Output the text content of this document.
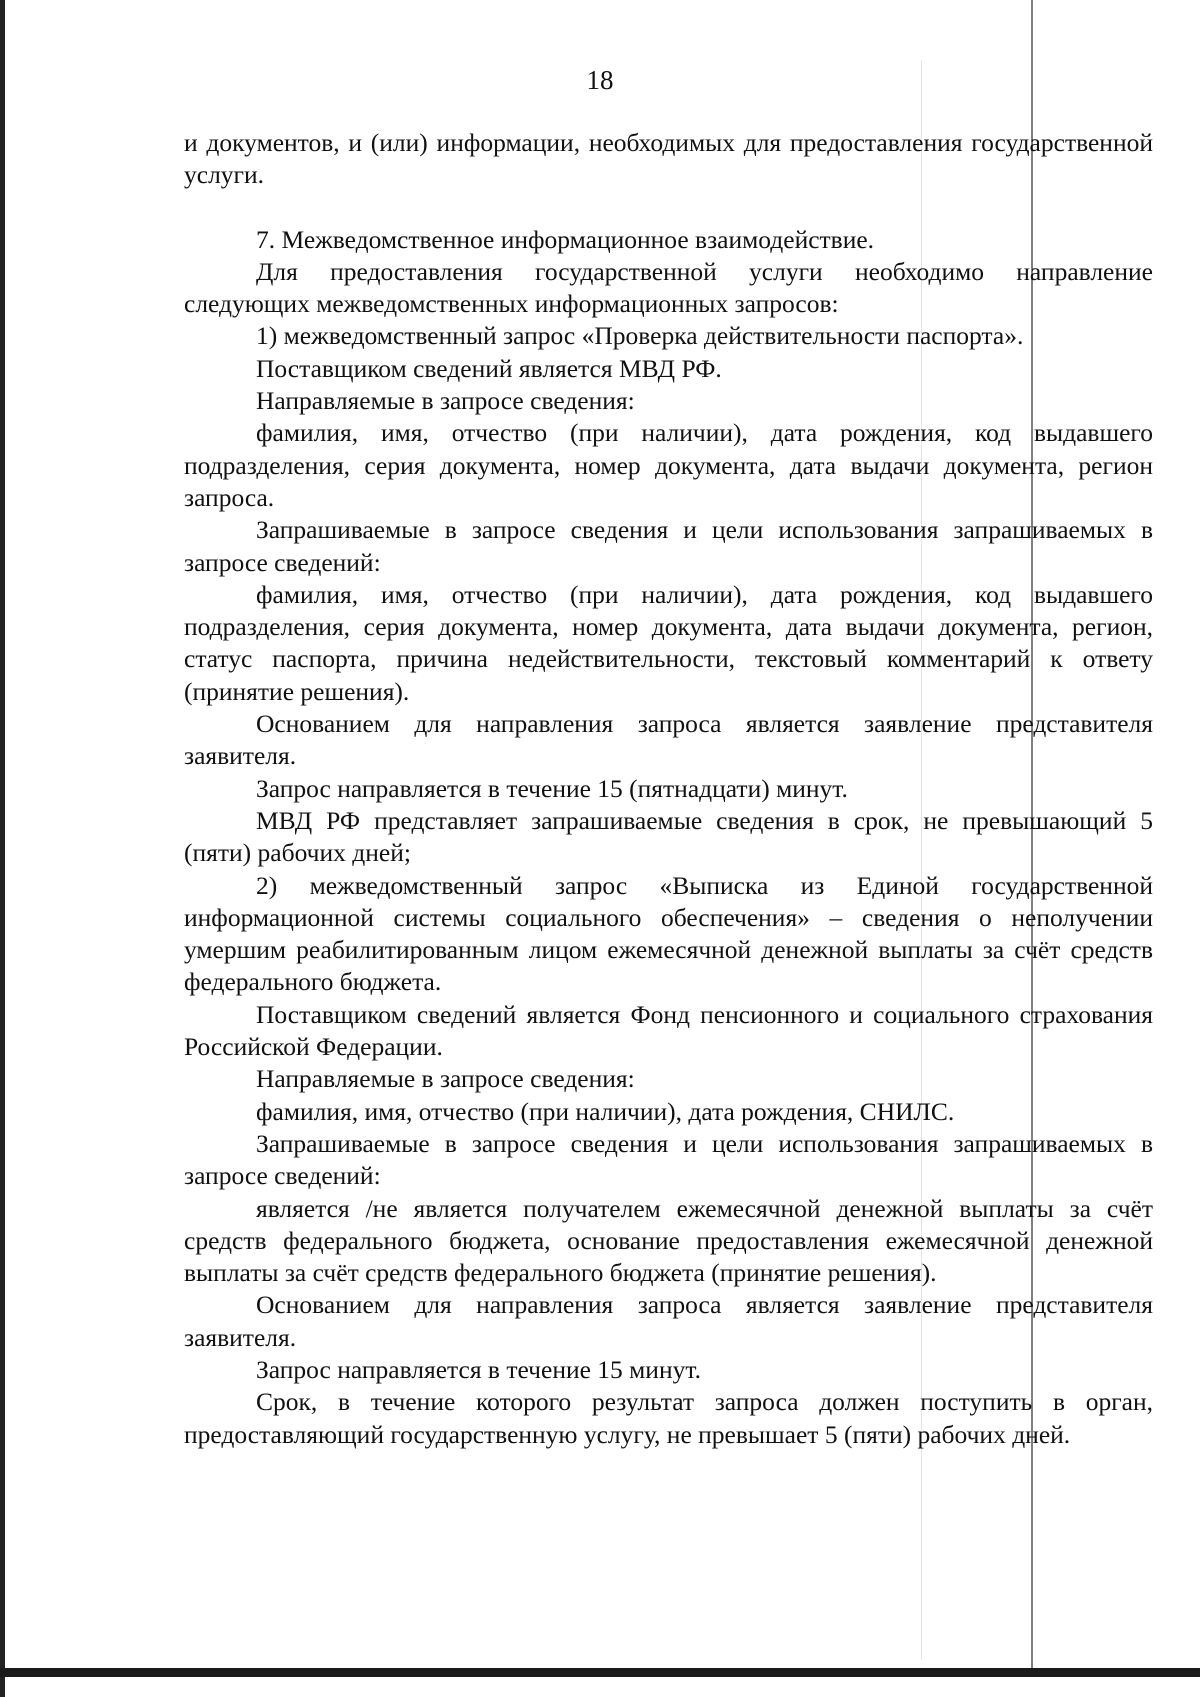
18

и документов, и (или) информации, необходимых для предоставления государственной услуги.

7. Межведомственное информационное взаимодействие.

Для предоставления государственной услуги необходимо направление следующих межведомственных информационных запросов:

1) межведомственный запрос «Проверка действительности паспорта».

Поставщиком сведений является МВД РФ.

Направляемые в запросе сведения:

фамилия, имя, отчество (при наличии), дата рождения, код выдавшего подразделения, серия документа, номер документа, дата выдачи документа, регион запроса.

Запрашиваемые в запросе сведения и цели использования запрашиваемых в запросе сведений:

фамилия, имя, отчество (при наличии), дата рождения, код выдавшего подразделения, серия документа, номер документа, дата выдачи документа, регион, статус паспорта, причина недействительности, текстовый комментарий к ответу (принятие решения).

Основанием для направления запроса является заявление представителя заявителя.

Запрос направляется в течение 15 (пятнадцати) минут.

МВД РФ представляет запрашиваемые сведения в срок, не превышающий 5 (пяти) рабочих дней;

2) межведомственный запрос «Выписка из Единой государственной информационной системы социального обеспечения» – сведения о неполучении умершим реабилитированным лицом ежемесячной денежной выплаты за счёт средств федерального бюджета.

Поставщиком сведений является Фонд пенсионного и социального страхования Российской Федерации.

Направляемые в запросе сведения:

фамилия, имя, отчество (при наличии), дата рождения, СНИЛС.

Запрашиваемые в запросе сведения и цели использования запрашиваемых в запросе сведений:

является /не является получателем ежемесячной денежной выплаты за счёт средств федерального бюджета, основание предоставления ежемесячной денежной выплаты за счёт средств федерального бюджета (принятие решения).

Основанием для направления запроса является заявление представителя заявителя.

Запрос направляется в течение 15 минут.

Срок, в течение которого результат запроса должен поступить в орган, предоставляющий государственную услугу, не превышает 5 (пяти) рабочих дней.
